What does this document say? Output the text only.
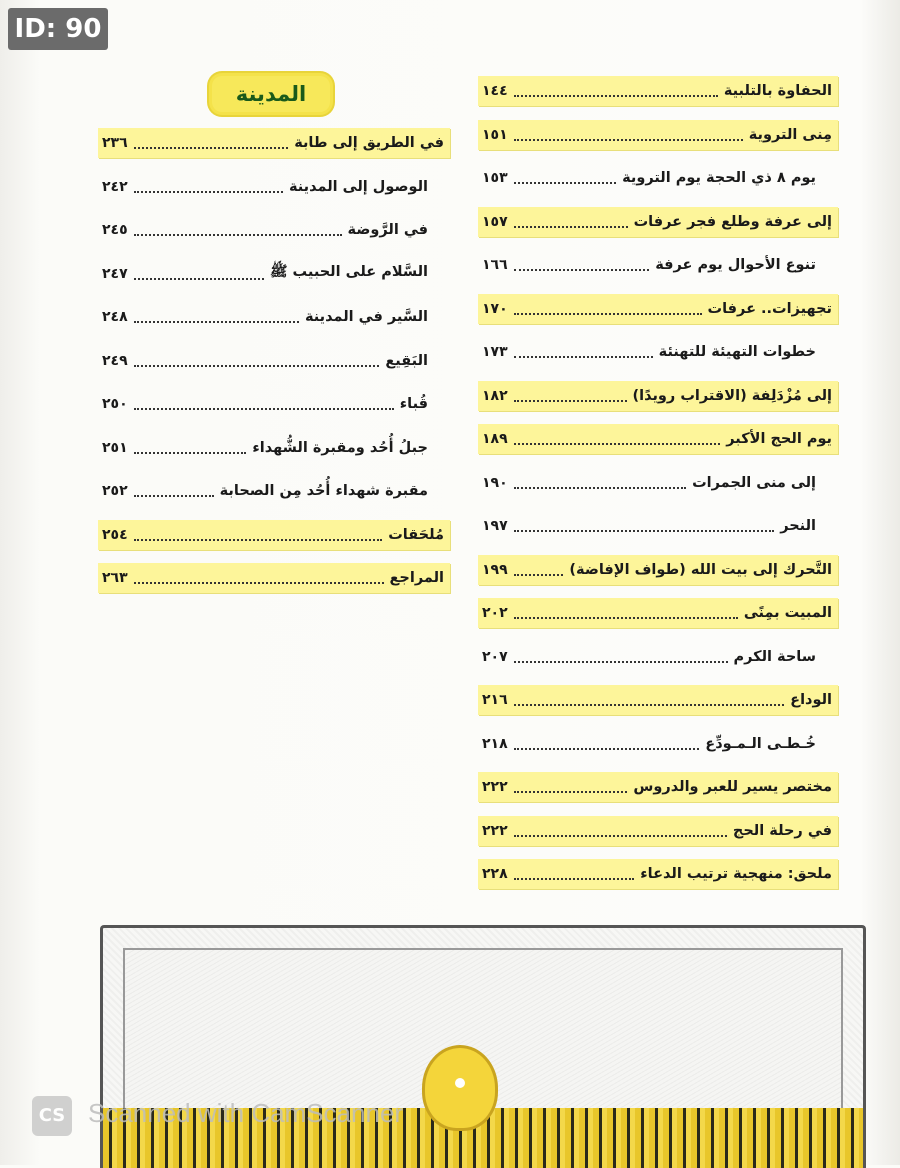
ID: 90
المدينة	الحفاوة بالتلبية
١٤٤
مِنى التروية
١٥١
يوم ٨ ذي الحجة يوم التروية
١٥٣
إلى عرفة وطلع فجر عرفات
١٥٧
تنوع الأحوال يوم عرفة
١٦٦
تجهيزات.. عرفات
١٧٠
خطوات التهيئة للتهنئة
١٧٣
إلى مُزْدَلِفة (الاقتراب رويدًا)
١٨٢
يوم الحج الأكبر
١٨٩
إلى منى الجمرات
١٩٠
النحر
١٩٧
التَّحرك إلى بيت الله (طواف الإفاضة)
١٩٩
المبيت بمِنًى
٢٠٢
ساحة الكرم
٢٠٧
الوداع
٢١٦
خُـطـى الـمـودِّع
٢١٨
مختصر يسير للعبر والدروس
٢٢٢
في رحلة الحج
٢٢٢
ملحق: منهجية ترتيب الدعاء
٢٢٨
في الطريق إلى طابة
٢٣٦
الوصول إلى المدينة
٢٤٢
في الرَّوضة
٢٤٥
السَّلام على الحبيب ﷺ
٢٤٧
السَّير في المدينة
٢٤٨
البَقِيع
٢٤٩
قُباء
٢٥٠
جبلُ أُحُد ومقبرة الشُّهداء
٢٥١
مقبرة شهداء أُحُد مِن الصحابة
٢٥٢
مُلحَقات
٢٥٤
المراجع
٢٦٣
CS Scanned with CamScanner
